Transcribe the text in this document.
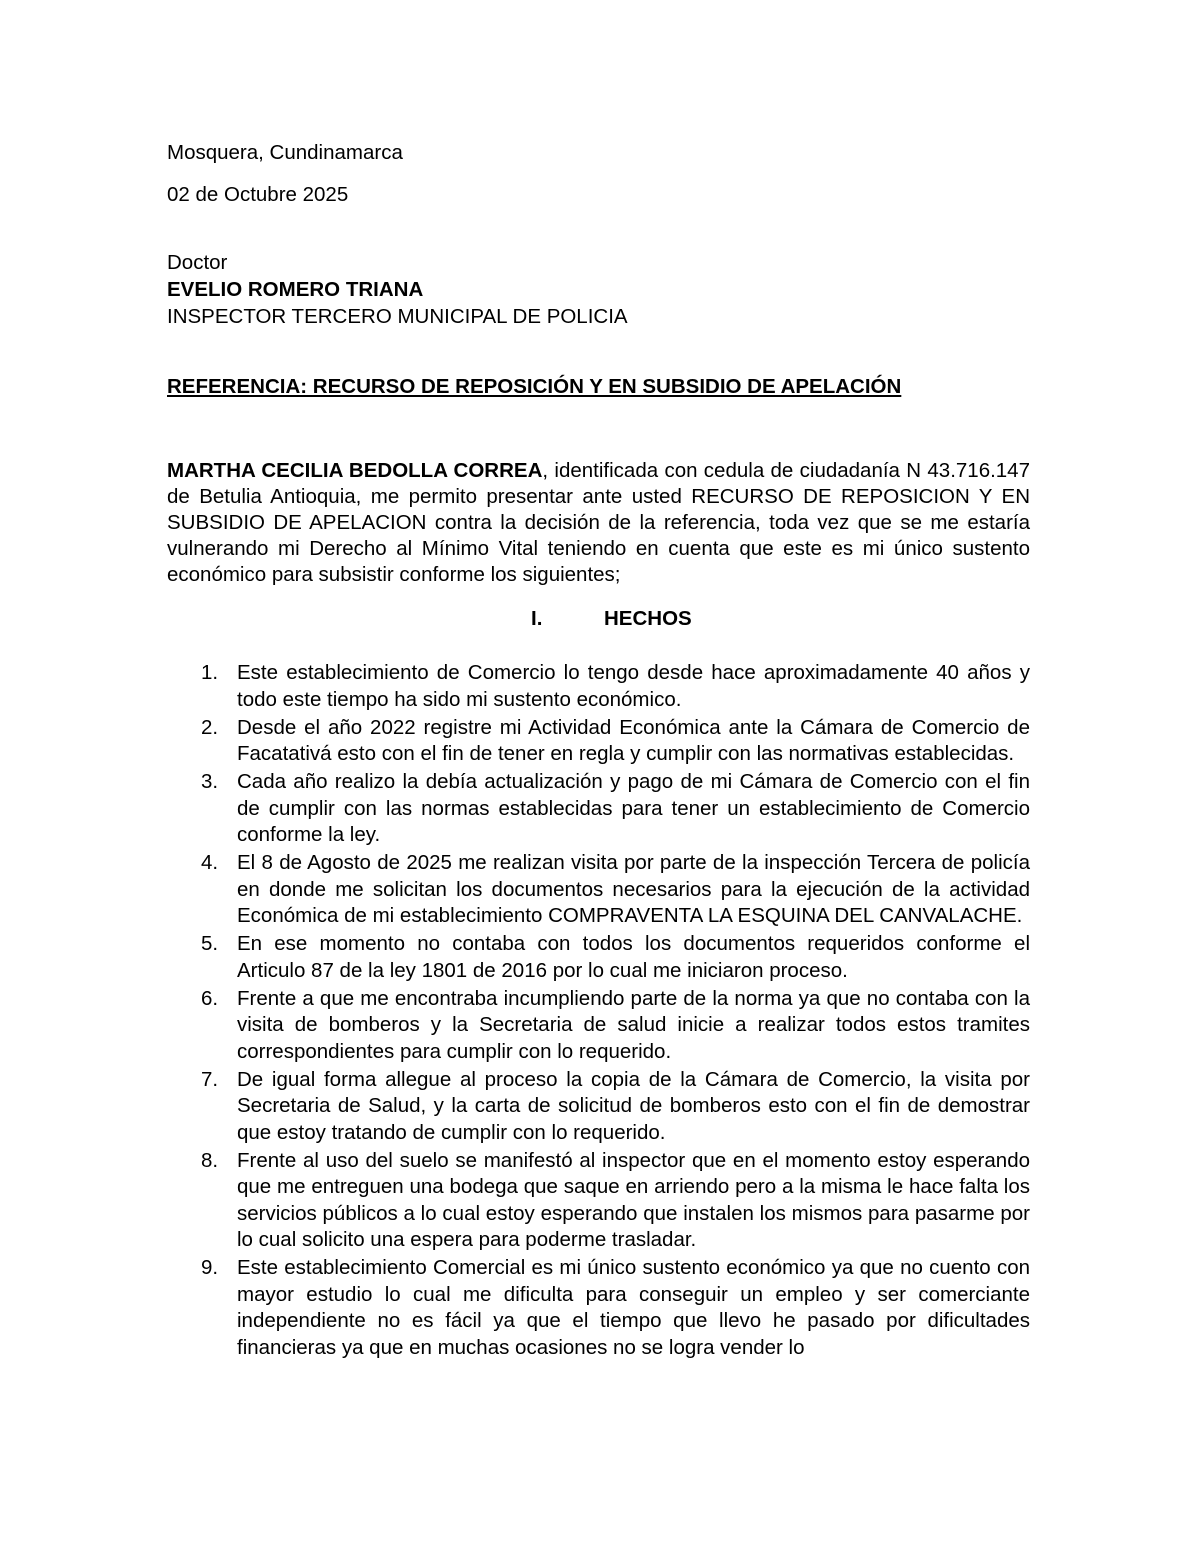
Mosquera, Cundinamarca
02 de Octubre 2025
Doctor
EVELIO ROMERO TRIANA
INSPECTOR TERCERO MUNICIPAL DE POLICIA
REFERENCIA: RECURSO DE REPOSICIÓN Y EN SUBSIDIO DE APELACIÓN
MARTHA CECILIA BEDOLLA CORREA, identificada con cedula de ciudadanía N 43.716.147 de Betulia Antioquia, me permito presentar ante usted RECURSO DE REPOSICION Y EN SUBSIDIO DE APELACION contra la decisión de la referencia, toda vez que se me estaría vulnerando mi Derecho al Mínimo Vital teniendo en cuenta que este es mi único sustento económico para subsistir conforme los siguientes;
I.	HECHOS
1. Este establecimiento de Comercio lo tengo desde hace aproximadamente 40 años y todo este tiempo ha sido mi sustento económico.
2. Desde el año 2022 registre mi Actividad Económica ante la Cámara de Comercio de Facatativá esto con el fin de tener en regla y cumplir con las normativas establecidas.
3. Cada año realizo la debía actualización y pago de mi Cámara de Comercio con el fin de cumplir con las normas establecidas para tener un establecimiento de Comercio conforme la ley.
4. El 8 de Agosto de 2025 me realizan visita por parte de la inspección Tercera de policía en donde me solicitan los documentos necesarios para la ejecución de la actividad Económica de mi establecimiento COMPRAVENTA LA ESQUINA DEL CANVALACHE.
5. En ese momento no contaba con todos los documentos requeridos conforme el Articulo 87 de la ley 1801 de 2016 por lo cual me iniciaron proceso.
6. Frente a que me encontraba incumpliendo parte de la norma ya que no contaba con la visita de bomberos y la Secretaria de salud inicie a realizar todos estos tramites correspondientes para cumplir con lo requerido.
7. De igual forma allegue al proceso la copia de la Cámara de Comercio, la visita por Secretaria de Salud, y la carta de solicitud de bomberos esto con el fin de demostrar que estoy tratando de cumplir con lo requerido.
8. Frente al uso del suelo se manifestó al inspector que en el momento estoy esperando que me entreguen una bodega que saque en arriendo pero a la misma le hace falta los servicios públicos a lo cual estoy esperando que instalen los mismos para pasarme por lo cual solicito una espera para poderme trasladar.
9. Este establecimiento Comercial es mi único sustento económico ya que no cuento con mayor estudio lo cual me dificulta para conseguir un empleo y ser comerciante independiente no es fácil ya que el tiempo que llevo he pasado por dificultades financieras ya que en muchas ocasiones no se logra vender lo
